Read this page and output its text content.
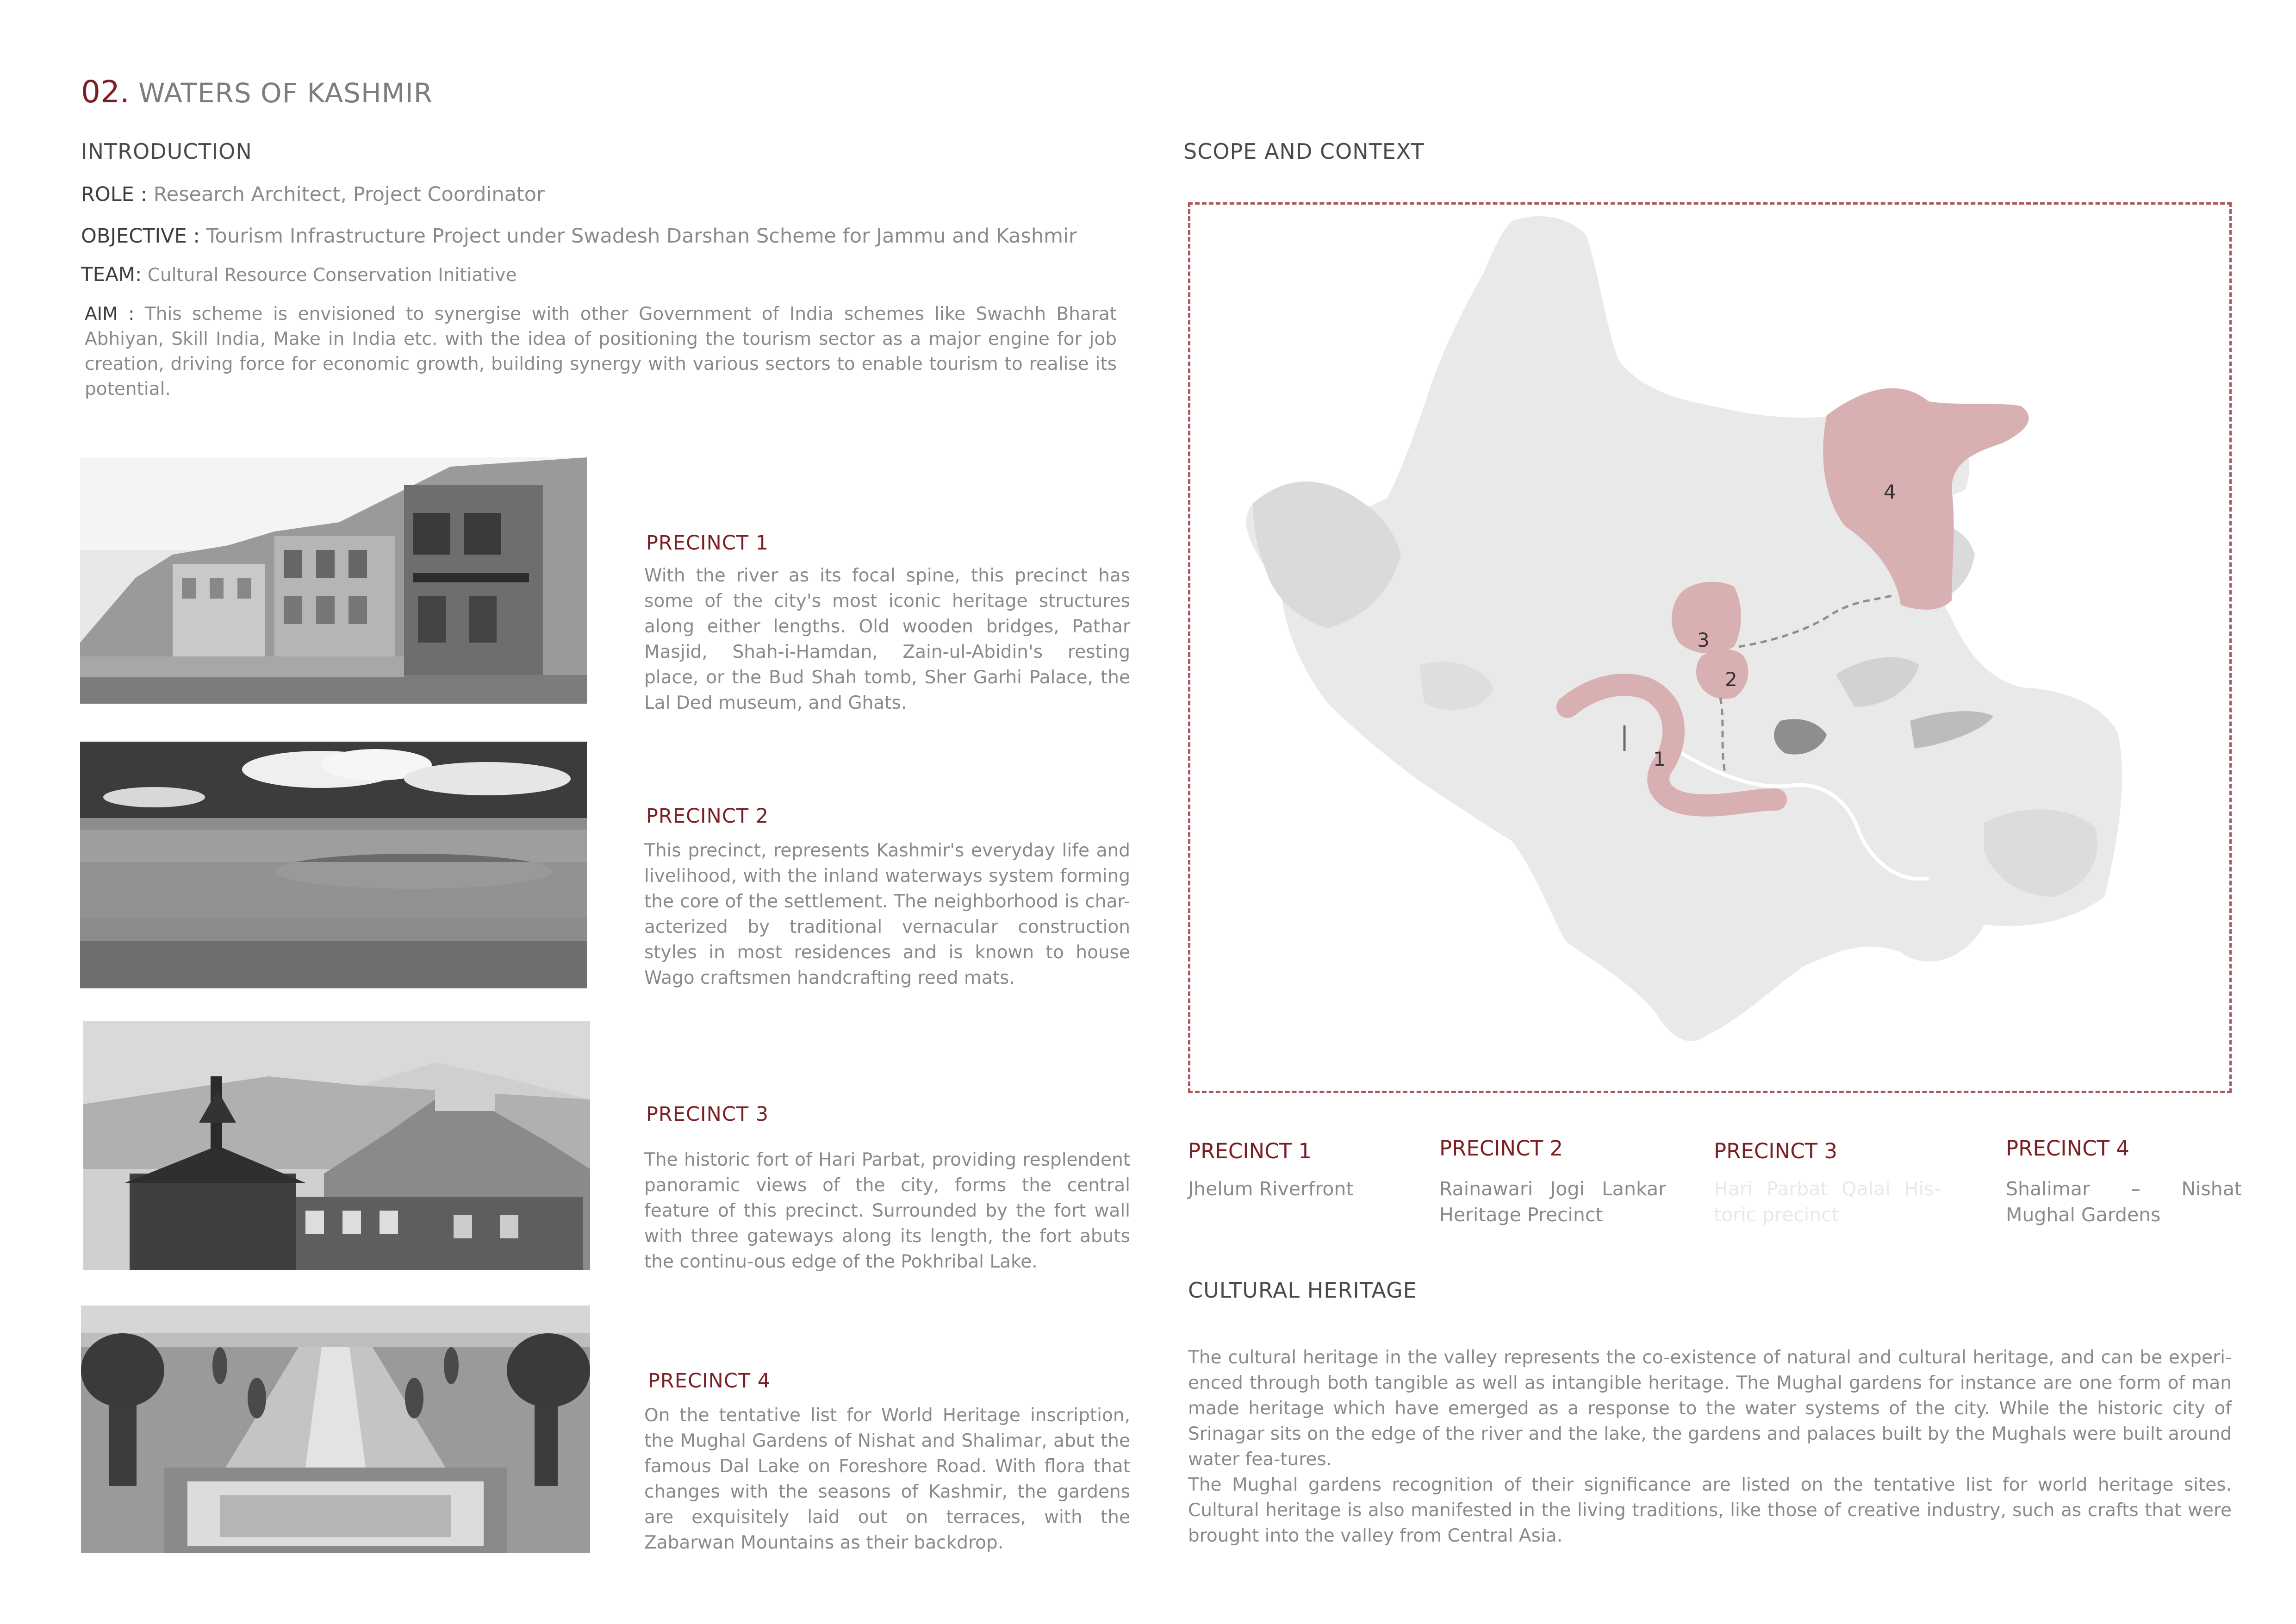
02. WATERS OF KASHMIR
INTRODUCTION
ROLE : Research Architect, Project Coordinator
OBJECTIVE : Tourism Infrastructure Project under Swadesh Darshan Scheme for Jammu and Kashmir
TEAM: Cultural Resource Conservation Initiative
AIM : This scheme is envisioned to synergise with other Government of India schemes like Swachh Bharat Abhiyan, Skill India, Make in India etc. with the idea of positioning the tourism sector as a major engine for job creation, driving force for economic growth, building synergy with various sectors to enable tourism to realise its potential.
PRECINCT 1
With the river as its focal spine, this precinct has some of the city's most iconic heritage structures along either lengths. Old wooden bridges, Pathar Masjid, Shah-i-Hamdan, Zain-ul-Abidin's resting place, or the Bud Shah tomb, Sher Garhi Palace, the Lal Ded museum, and Ghats.
PRECINCT 2
This precinct, represents Kashmir's everyday life and livelihood, with the inland waterways system forming the core of the settlement. The neighborhood is char-acterized by traditional vernacular construction styles in most residences and is known to house Wago craftsmen handcrafting reed mats.
PRECINCT 3
The historic fort of Hari Parbat, providing resplendent panoramic views of the city, forms the central feature of this precinct. Surrounded by the fort wall with three gateways along its length, the fort abuts the continu-ous edge of the Pokhribal Lake.
PRECINCT 4
On the tentative list for World Heritage inscription, the Mughal Gardens of Nishat and Shalimar, abut the famous Dal Lake on Foreshore Road. With flora that changes with the seasons of Kashmir, the gardens are exquisitely laid out on terraces, with the Zabarwan Mountains as their backdrop.
SCOPE AND CONTEXT
4
3
2
1
PRECINCT 1
Jhelum Riverfront
PRECINCT 2
Rainawari Jogi Lankar Heritage Precinct
PRECINCT 3
Hari Parbat Qalai His-toric precinct
PRECINCT 4
Shalimar – Nishat Mughal Gardens
CULTURAL HERITAGE
The cultural heritage in the valley represents the co-existence of natural and cultural heritage, and can be experi-enced through both tangible as well as intangible heritage. The Mughal gardens for instance are one form of man made heritage which have emerged as a response to the water systems of the city. While the historic city of Srinagar sits on the edge of the river and the lake, the gardens and palaces built by the Mughals were built around water fea-tures.
The Mughal gardens recognition of their significance are listed on the tentative list for world heritage sites. Cultural heritage is also manifested in the living traditions, like those of creative industry, such as crafts that were brought into the valley from Central Asia.
